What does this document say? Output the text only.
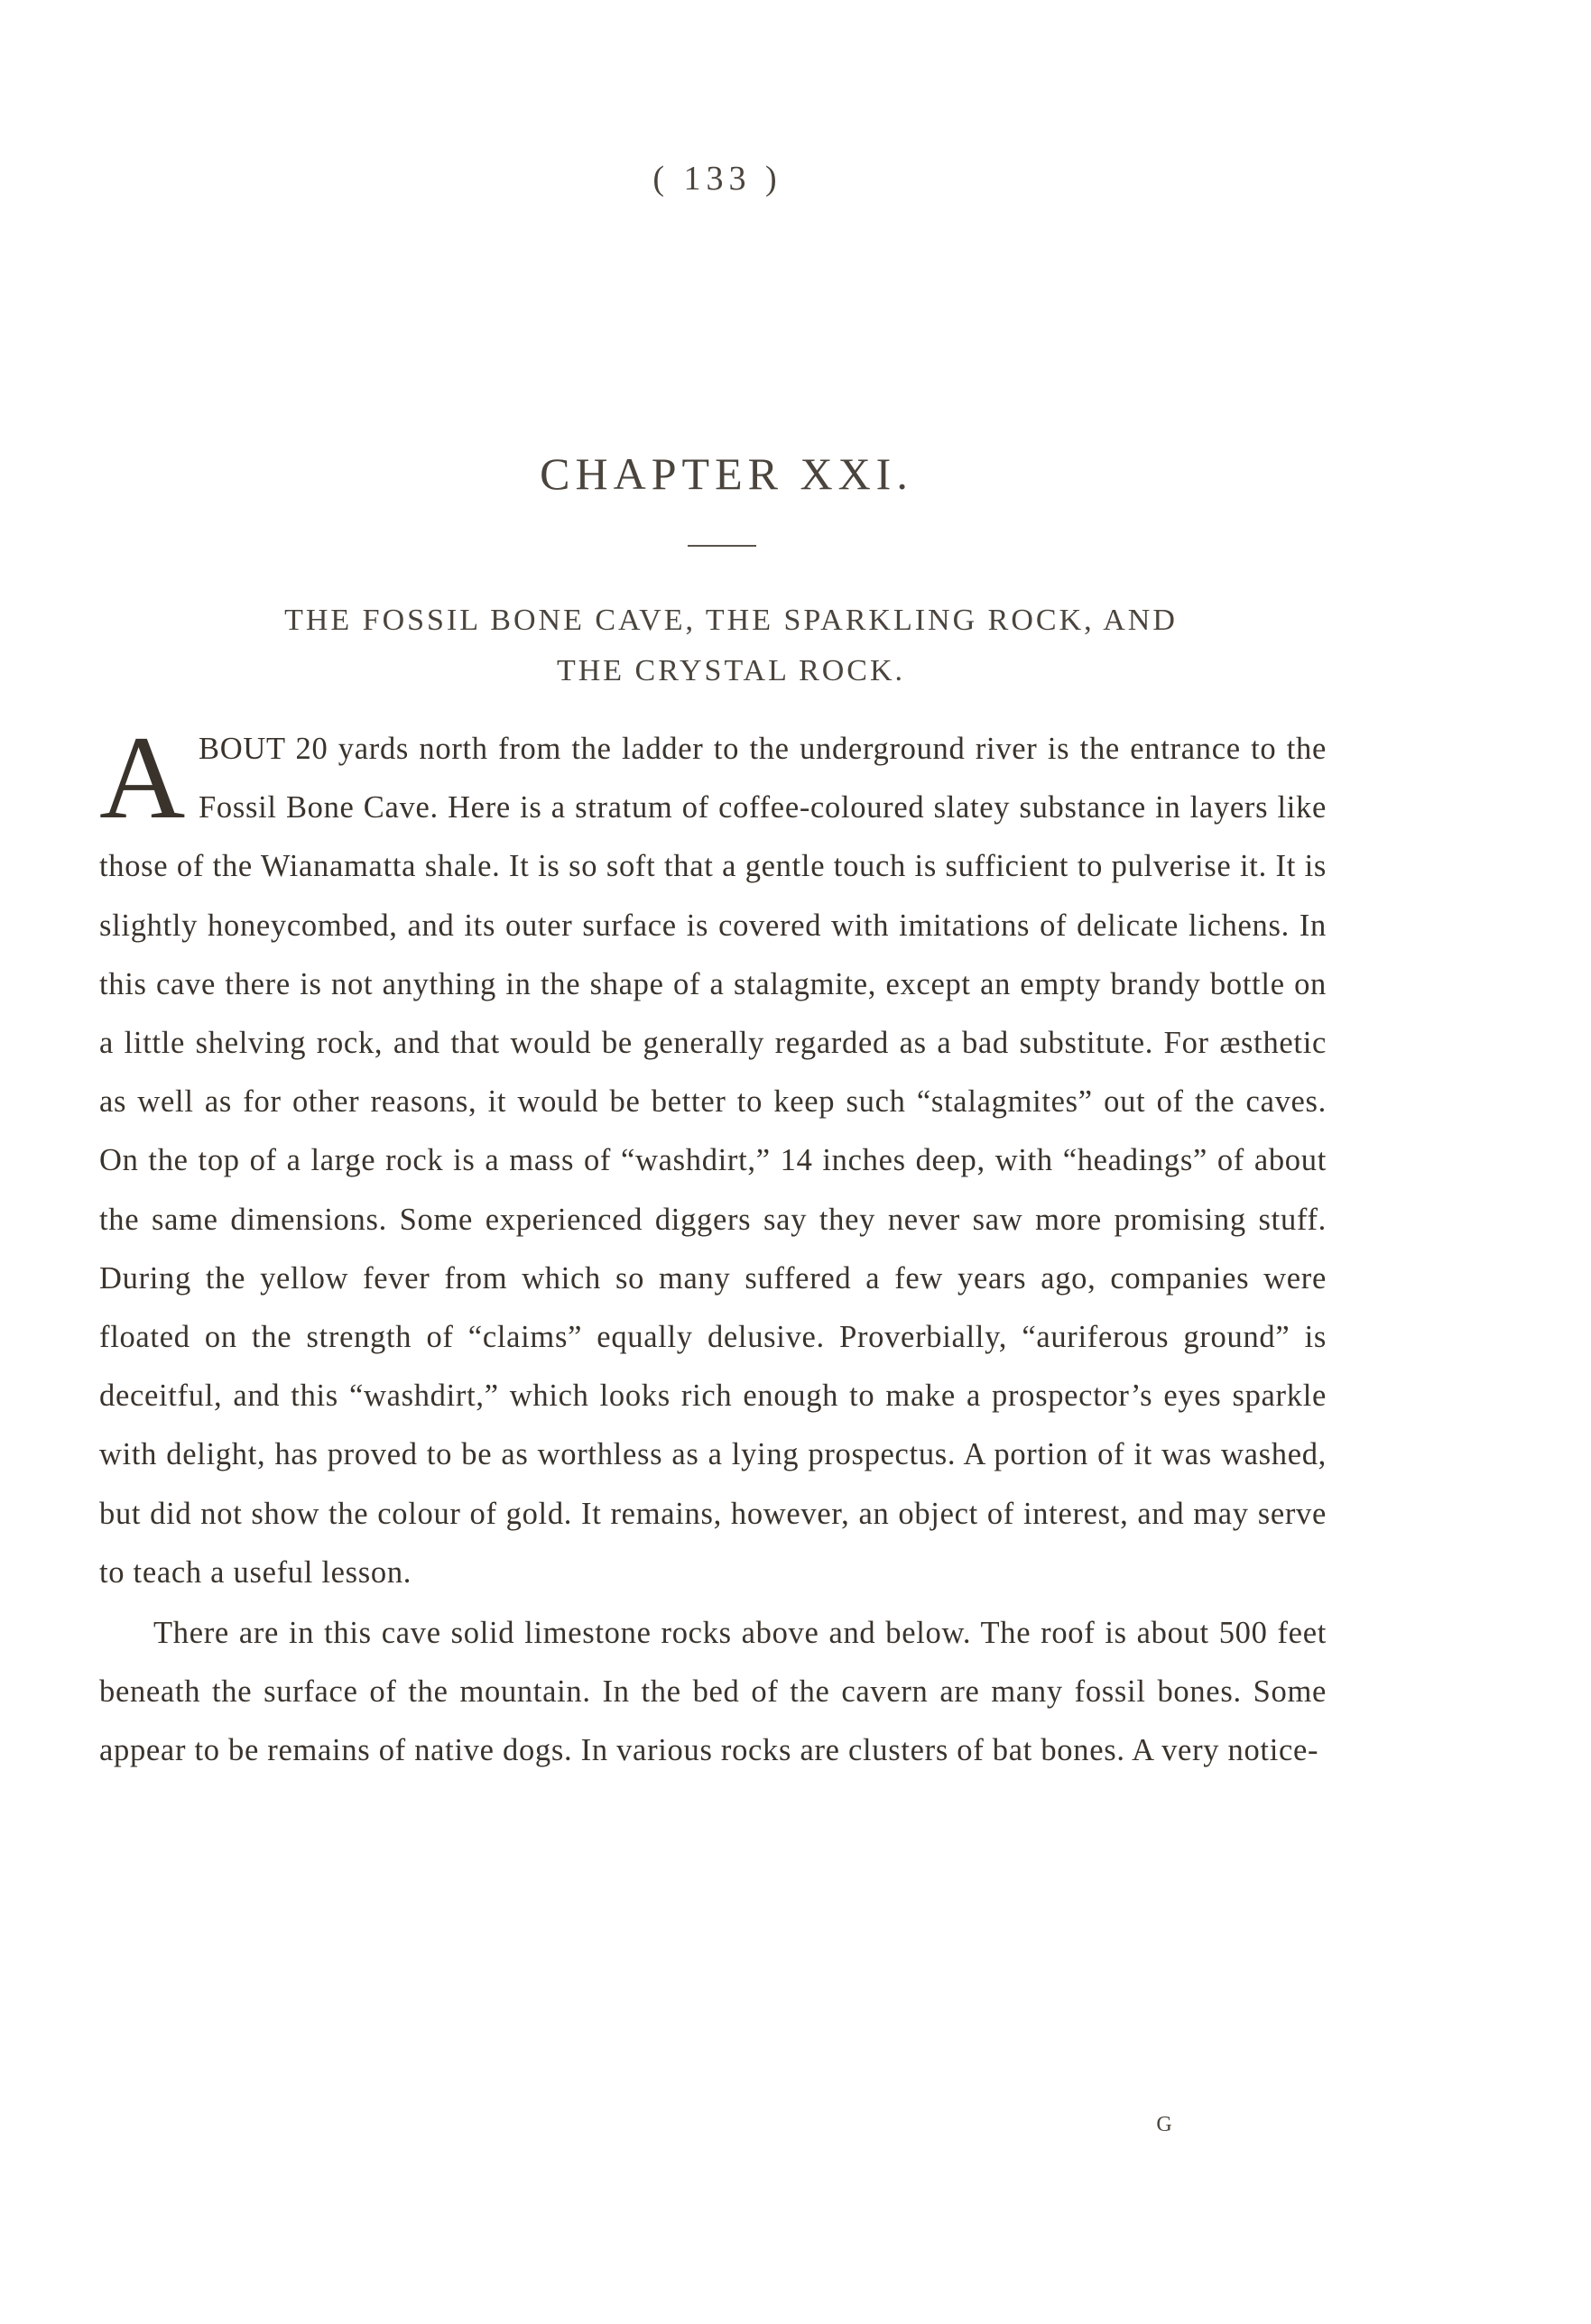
( 133 )
CHAPTER XXI.
THE FOSSIL BONE CAVE, THE SPARKLING ROCK, AND
THE CRYSTAL ROCK.

ABOUT 20 yards north from the ladder to the underground river is the entrance to the Fossil Bone Cave. Here is a stratum of coffee-coloured slatey substance in layers like those of the Wianamatta shale. It is so soft that a gentle touch is sufficient to pulverise it. It is slightly honeycombed, and its outer surface is covered with imitations of delicate lichens. In this cave there is not anything in the shape of a stalagmite, except an empty brandy bottle on a little shelving rock, and that would be generally regarded as a bad substitute. For æsthetic as well as for other reasons, it would be better to keep such “stalagmites” out of the caves. On the top of a large rock is a mass of “washdirt,” 14 inches deep, with “headings” of about the same dimensions. Some experienced diggers say they never saw more promising stuff. During the yellow fever from which so many suffered a few years ago, companies were floated on the strength of “claims” equally delusive. Proverbially, “auriferous ground” is deceitful, and this “washdirt,” which looks rich enough to make a prospector’s eyes sparkle with delight, has proved to be as worthless as a lying prospectus. A portion of it was washed, but did not show the colour of gold. It remains, however, an object of interest, and may serve to teach a useful lesson.

There are in this cave solid limestone rocks above and below. The roof is about 500 feet beneath the surface of the mountain. In the bed of the cavern are many fossil bones. Some appear to be remains of native dogs. In various rocks are clusters of bat bones. A very notice-

G
